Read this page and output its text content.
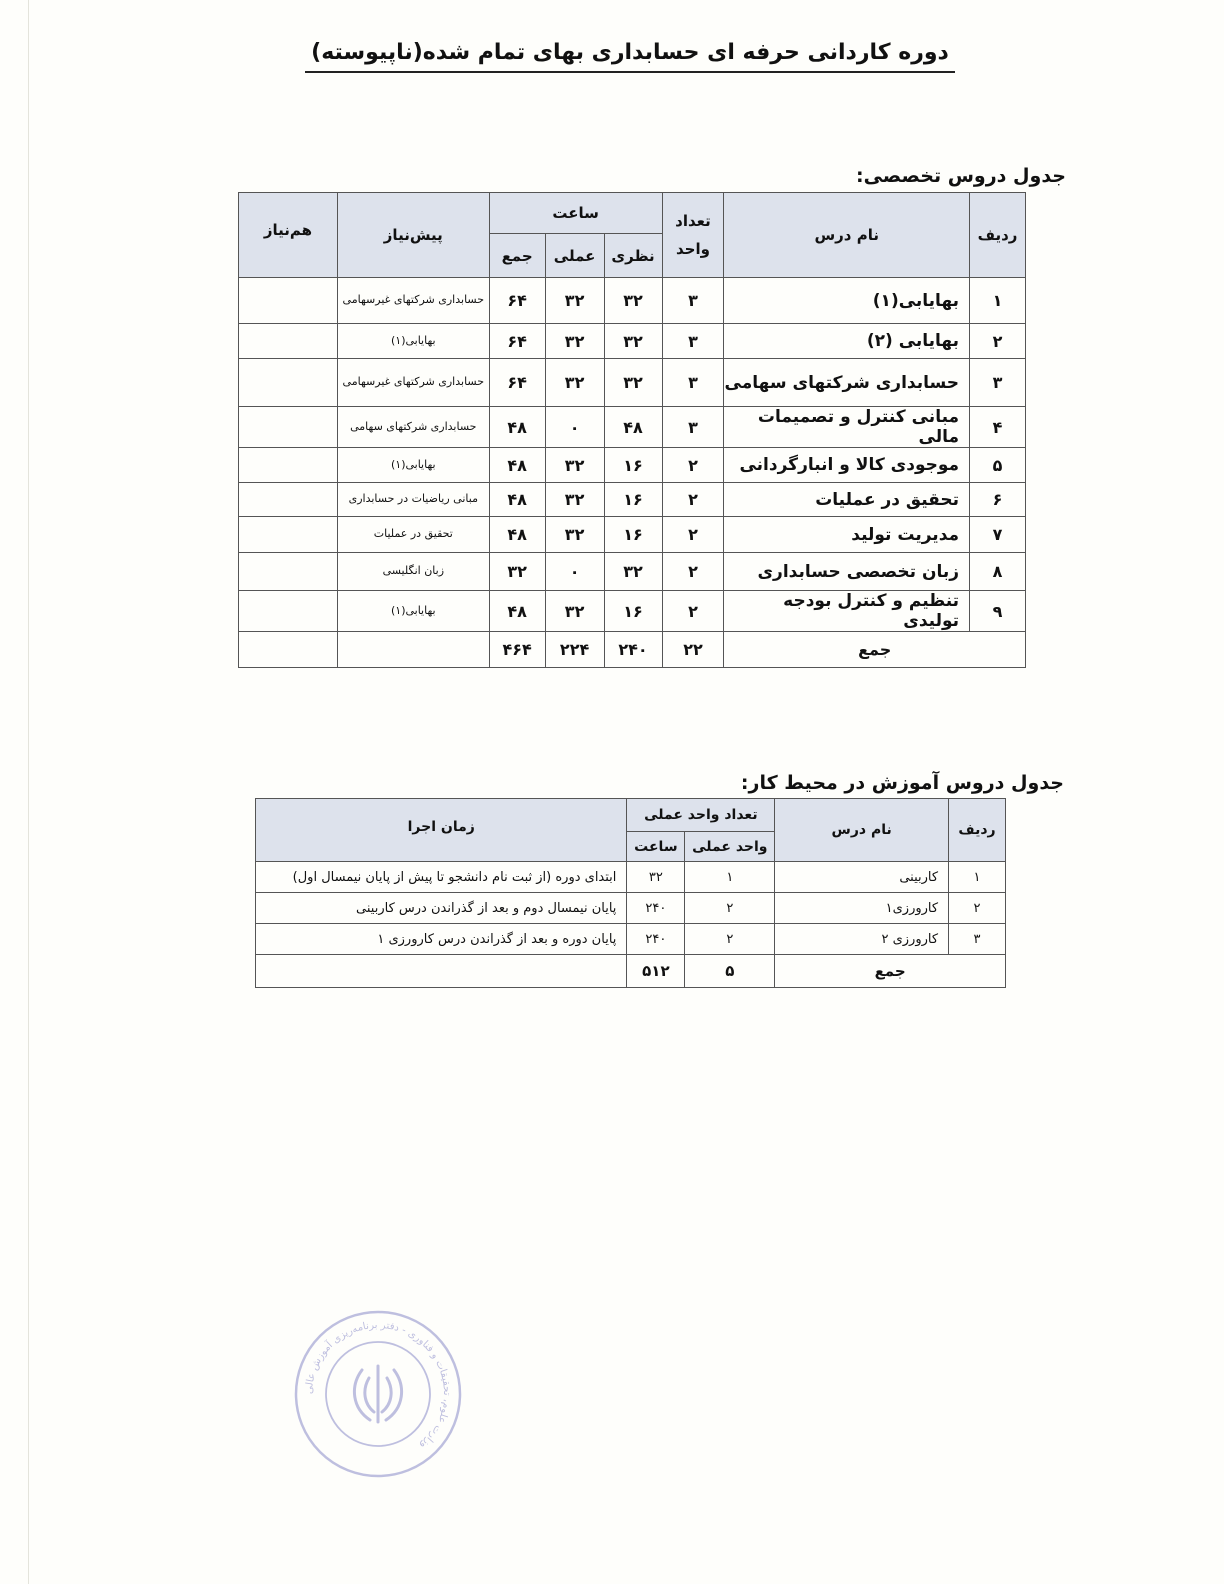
دوره کاردانی حرفه ای حسابداری بهای تمام شده(ناپیوسته)
جدول دروس تخصصی:
ردیف	نام درس	تعداد
واحد	ساعت			پیش‌نیاز	هم‌نیاز
			نظری	عملی	جمع		
۱	بهایابی(۱)	۳	۳۲	۳۲	۶۴	حسابداری شرکتهای غیرسهامی	
۲	بهایابی (۲)	۳	۳۲	۳۲	۶۴	بهایابی(۱)	
۳	حسابداری شرکتهای سهامی	۳	۳۲	۳۲	۶۴	حسابداری شرکتهای غیرسهامی	
۴	مبانی کنترل و تصمیمات مالی	۳	۴۸	۰	۴۸	حسابداری شرکتهای سهامی	
۵	موجودی کالا و انبارگردانی	۲	۱۶	۳۲	۴۸	بهایابی(۱)	
۶	تحقیق در عملیات	۲	۱۶	۳۲	۴۸	مبانی ریاضیات در حسابداری	
۷	مدیریت تولید	۲	۱۶	۳۲	۴۸	تحقیق در عملیات	
۸	زبان تخصصی حسابداری	۲	۳۲	۰	۳۲	زبان انگلیسی	
۹	تنظیم و کنترل بودجه تولیدی	۲	۱۶	۳۲	۴۸	بهایابی(۱)	
جمع		۲۲	۲۴۰	۲۲۴	۴۶۴		
جدول دروس آموزش در محیط کار:
ردیف	نام درس	تعداد واحد عملی		زمان اجرا
		واحد عملی	ساعت	
۱	کاربینی	۱	۳۲	ابتدای دوره (از ثبت نام دانشجو تا پیش از پایان نیمسال اول)
۲	کارورزی۱	۲	۲۴۰	پایان نیمسال دوم و بعد از گذراندن درس کاربینی
۳	کارورزی ۲	۲	۲۴۰	پایان دوره و بعد از گذراندن درس کارورزی ۱
جمع		۵	۵۱۲	
وزارت علوم، تحقیقات و فناوری - دفتر برنامه‌ریزی آموزش عالی
